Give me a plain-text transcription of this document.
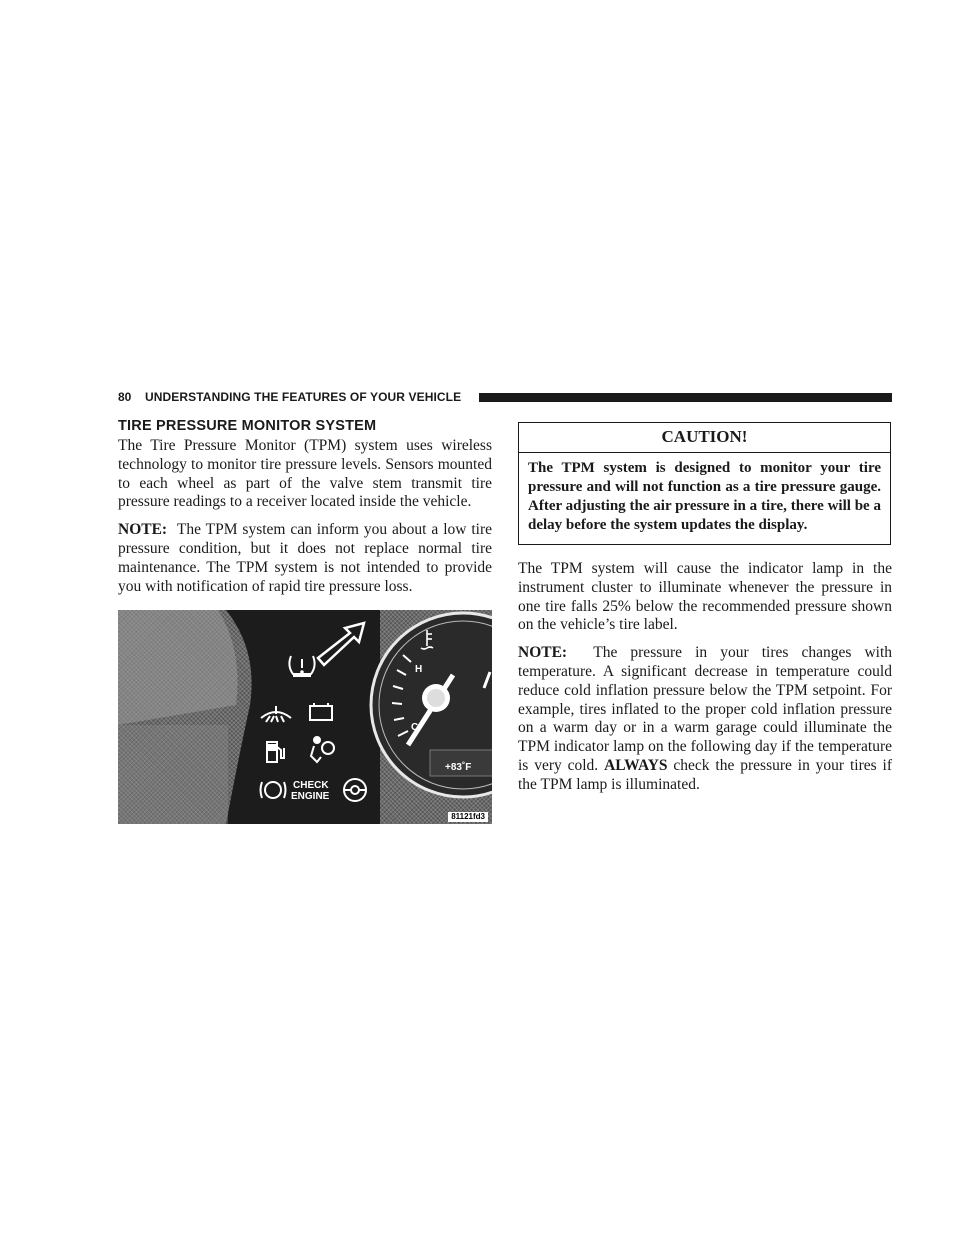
80 UNDERSTANDING THE FEATURES OF YOUR VEHICLE
TIRE PRESSURE MONITOR SYSTEM

The Tire Pressure Monitor (TPM) system uses wireless technology to monitor tire pressure levels. Sensors mounted to each wheel as part of the valve stem transmit tire pressure readings to a receiver located inside the vehicle.

NOTE: The TPM system can inform you about a low tire pressure condition, but it does not replace normal tire maintenance. The TPM system is not intended to provide you with notification of rapid tire pressure loss.

H
C
+83˚F
CHECK
ENGINE
81121fd3
CAUTION!
The TPM system is designed to monitor your tire pressure and will not function as a tire pressure gauge. After adjusting the air pressure in a tire, there will be a delay before the system updates the display.

The TPM system will cause the indicator lamp in the instrument cluster to illuminate whenever the pressure in one tire falls 25% below the recommended pressure shown on the vehicle’s tire label.

NOTE: The pressure in your tires changes with temperature. A significant decrease in temperature could reduce cold inflation pressure below the TPM setpoint. For example, tires inflated to the proper cold inflation pressure on a warm day or in a warm garage could illuminate the TPM indicator lamp on the following day if the temperature is very cold. ALWAYS check the pressure in your tires if the TPM lamp is illuminated.
